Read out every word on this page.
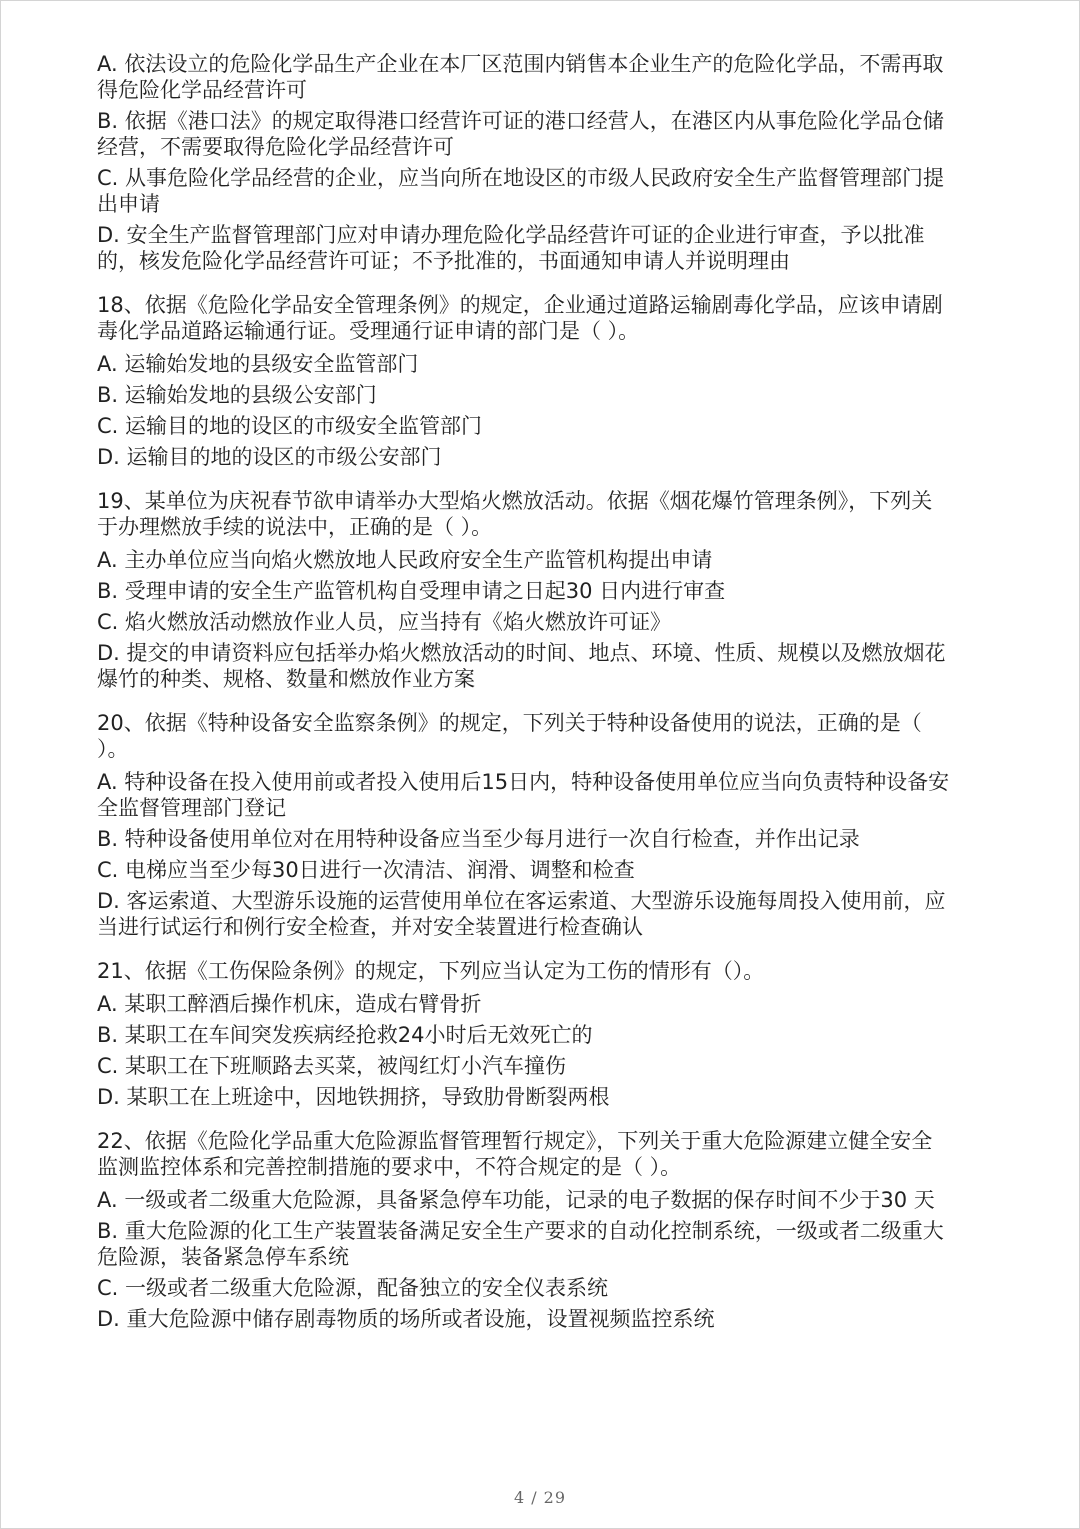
A. 依法设立的危险化学品生产企业在本厂区范围内销售本企业生产的危险化学品，不需再取

得危险化学品经营许可

B. 依据《港口法》的规定取得港口经营许可证的港口经营人，在港区内从事危险化学品仓储

经营，不需要取得危险化学品经营许可

C. 从事危险化学品经营的企业，应当向所在地设区的市级人民政府安全生产监督管理部门提

出申请

D. 安全生产监督管理部门应对申请办理危险化学品经营许可证的企业进行审查，予以批准

的，核发危险化学品经营许可证；不予批准的，书面通知申请人并说明理由

18、依据《危险化学品安全管理条例》的规定，企业通过道路运输剧毒化学品，应该申请剧

毒化学品道路运输通行证。受理通行证申请的部门是（ ）。

A. 运输始发地的县级安全监管部门

B. 运输始发地的县级公安部门

C. 运输目的地的设区的市级安全监管部门

D. 运输目的地的设区的市级公安部门

19、某单位为庆祝春节欲申请举办大型焰火燃放活动。依据《烟花爆竹管理条例》，下列关

于办理燃放手续的说法中，正确的是（ ）。

A. 主办单位应当向焰火燃放地人民政府安全生产监管机构提出申请

B. 受理申请的安全生产监管机构自受理申请之日起30 日内进行审查

C. 焰火燃放活动燃放作业人员，应当持有《焰火燃放许可证》

D. 提交的申请资料应包括举办焰火燃放活动的时间、地点、环境、性质、规模以及燃放烟花

爆竹的种类、规格、数量和燃放作业方案

20、依据《特种设备安全监察条例》的规定，下列关于特种设备使用的说法，正确的是（

）。

A. 特种设备在投入使用前或者投入使用后15日内，特种设备使用单位应当向负责特种设备安

全监督管理部门登记

B. 特种设备使用单位对在用特种设备应当至少每月进行一次自行检查，并作出记录

C. 电梯应当至少每30日进行一次清洁、润滑、调整和检查

D. 客运索道、大型游乐设施的运营使用单位在客运索道、大型游乐设施每周投入使用前，应

当进行试运行和例行安全检查，并对安全装置进行检查确认

21、依据《工伤保险条例》的规定，下列应当认定为工伤的情形有（）。

A. 某职工醉酒后操作机床，造成右臂骨折

B. 某职工在车间突发疾病经抢救24小时后无效死亡的

C. 某职工在下班顺路去买菜，被闯红灯小汽车撞伤

D. 某职工在上班途中，因地铁拥挤，导致肋骨断裂两根

22、依据《危险化学品重大危险源监督管理暂行规定》，下列关于重大危险源建立健全安全

监测监控体系和完善控制措施的要求中，不符合规定的是（ ）。

A. 一级或者二级重大危险源，具备紧急停车功能，记录的电子数据的保存时间不少于30 天

B. 重大危险源的化工生产装置装备满足安全生产要求的自动化控制系统，一级或者二级重大

危险源，装备紧急停车系统

C. 一级或者二级重大危险源，配备独立的安全仪表系统

D. 重大危险源中储存剧毒物质的场所或者设施，设置视频监控系统

4 / 29
